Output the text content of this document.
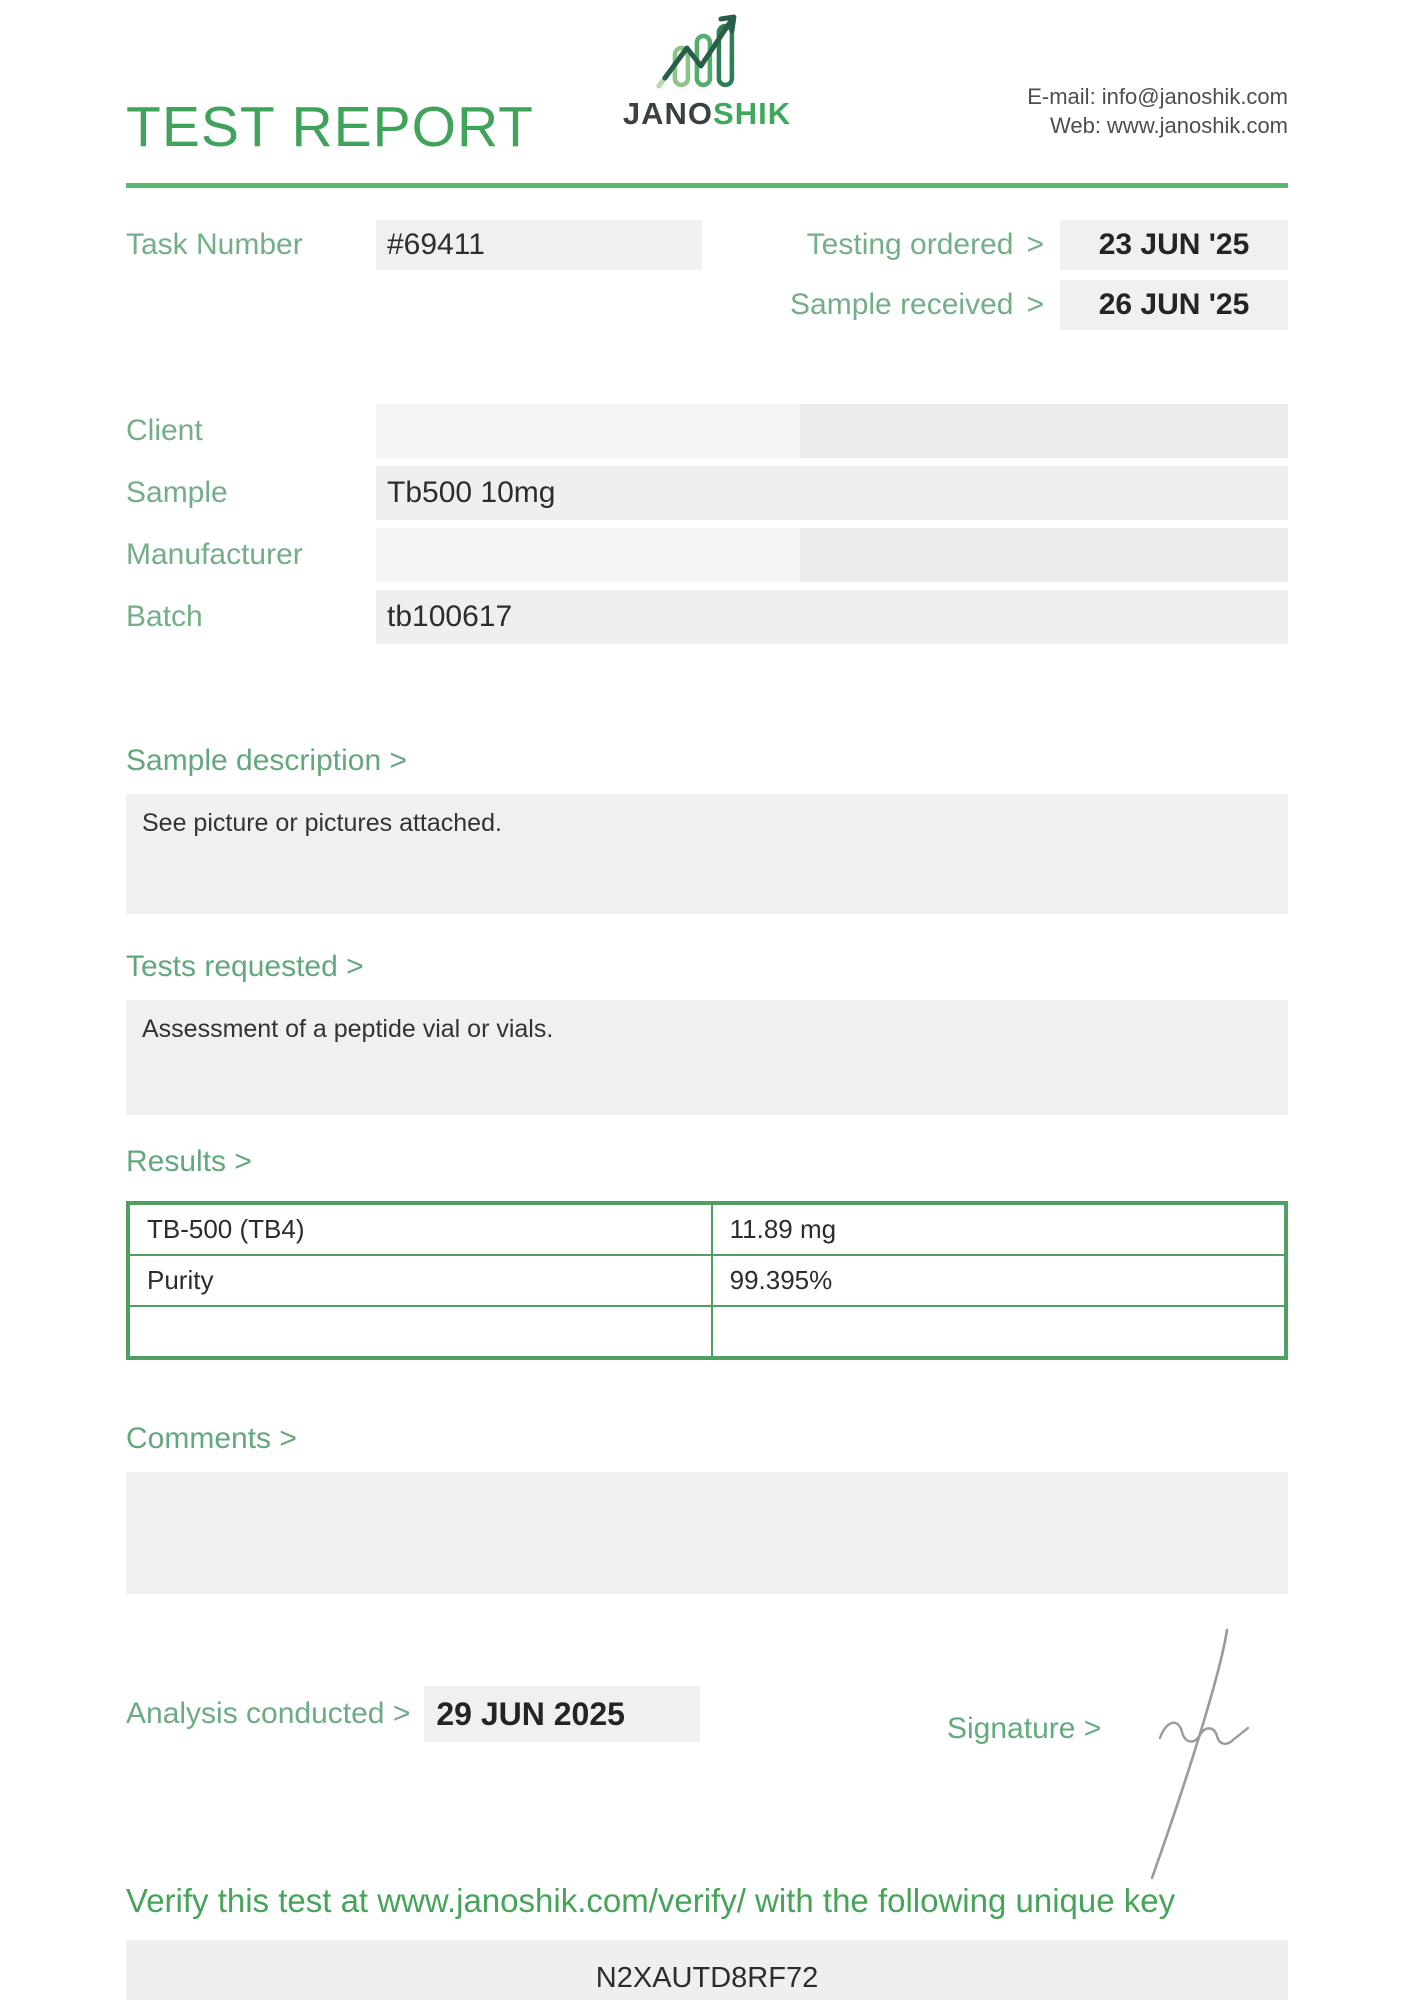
TEST REPORT	JANOSHIK	E-mail: info@janoshik.com
Web: www.janoshik.com
Task Number	#69411	Testing ordered >	23 JUN '25
Sample received >	26 JUN '25
Client
Sample	Tb500 10mg
Manufacturer
Batch	tb100617
Sample description >
See picture or pictures attached.
Tests requested >
Assessment of a peptide vial or vials.
Results >
TB-500 (TB4)	11.89 mg
Purity	99.395%

Comments >
Analysis conducted > 29 JUN 2025	Signature >
Verify this test at www.janoshik.com/verify/ with the following unique key
N2XAUTD8RF72
